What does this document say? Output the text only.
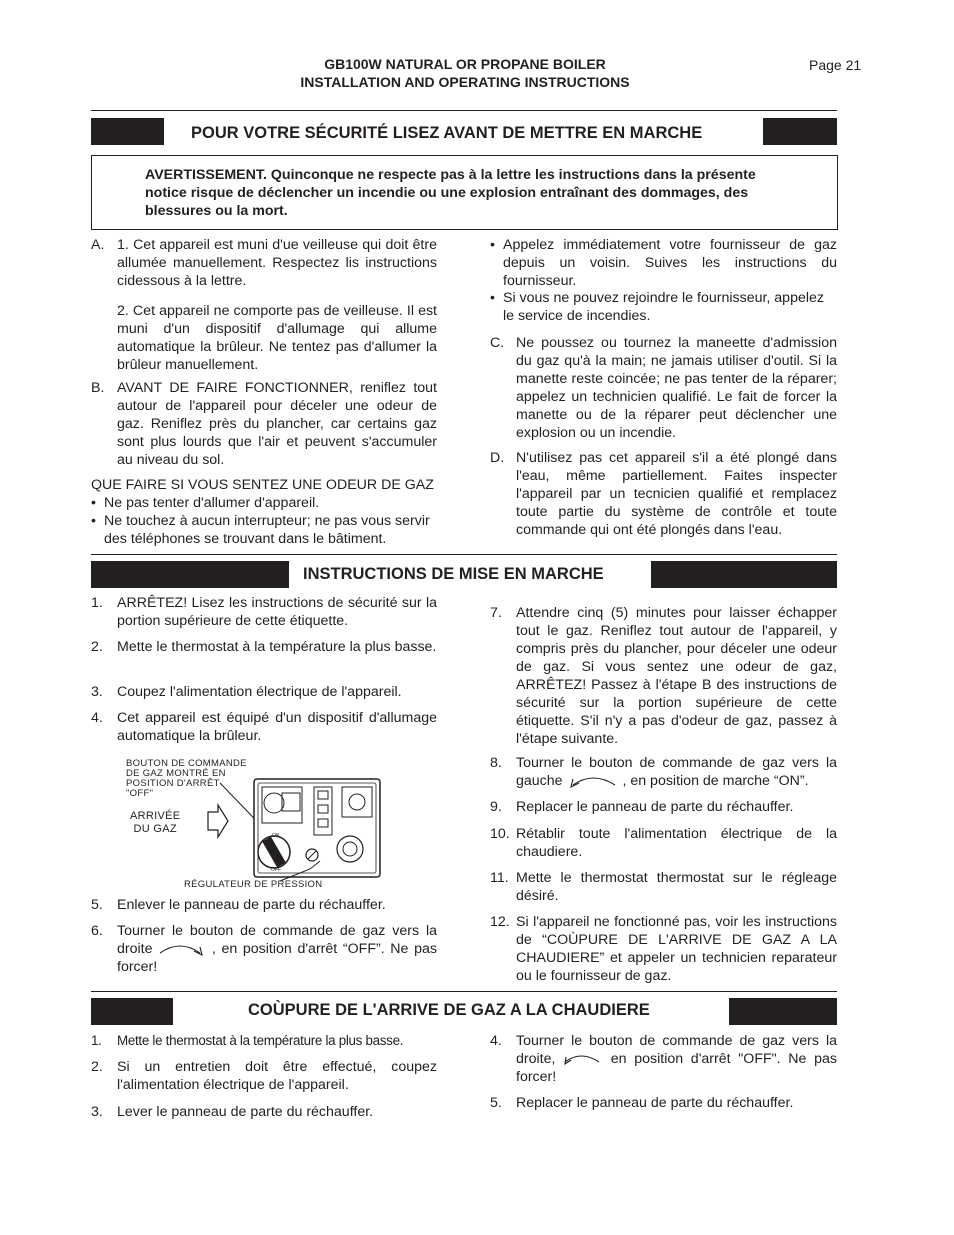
GB100W NATURAL OR PROPANE BOILER
INSTALLATION AND OPERATING INSTRUCTIONS
Page 21
POUR VOTRE SÉCURITÉ LISEZ AVANT DE METTRE EN MARCHE
AVERTISSEMENT. Quinconque ne respecte pas à la lettre les instructions dans la présente notice risque de déclencher un incendie ou une explosion entraînant des dommages, des blessures ou la mort.
A. 1. Cet appareil est muni d'ue veilleuse qui doit être allumée manuellement. Respectez lis instructions cidessous à la lettre.
2. Cet appareil ne comporte pas de veilleuse. Il est muni d'un dispositif d'allumage qui allume automatique la brûleur. Ne tentez pas d'allumer la brûleur manuellement.
B. AVANT DE FAIRE FONCTIONNER, reniflez tout autour de l'appareil pour déceler une odeur de gaz. Reniflez près du plancher, car certains gaz sont plus lourds que l'air et peuvent s'accumuler au niveau du sol.
QUE FAIRE SI VOUS SENTEZ UNE ODEUR DE GAZ
• Ne pas tenter d'allumer d'appareil.
• Ne touchez à aucun interrupteur; ne pas vous servir des téléphones se trouvant dans le bâtiment.
• Appelez immédiatement votre fournisseur de gaz depuis un voisin. Suives les instructions du fournisseur.
• Si vous ne pouvez rejoindre le fournisseur, appelez le service de incendies.
C. Ne poussez ou tournez la maneette d'admission du gaz qu'à la main; ne jamais utiliser d'outil. Si la manette reste coincée; ne pas tenter de la réparer; appelez un technicien qualifié. Le fait de forcer la manette ou de la réparer peut déclencher une explosion ou un incendie.
D. N'utilisez pas cet appareil s'il a été plongé dans l'eau, même partiellement. Faites inspecter l'appareil par un tecnicien qualifié et remplacez toute partie du système de contrôle et toute commande qui ont été plongés dans l'eau.
INSTRUCTIONS DE MISE EN MARCHE
1. ARRÊTEZ! Lisez les instructions de sécurité sur la portion supérieure de cette étiquette.
2. Mette le thermostat à la température la plus basse.
3. Coupez l'alimentation électrique de l'appareil.
4. Cet appareil est équipé d'un dispositif d'allumage automatique la brûleur.
BOUTON DE COMMANDE
DE GAZ MONTRÉ EN
POSITION D'ARRÊT
"OFF"
ARRIVÉE
DU GAZ
RÉGULATEUR DE PRESSION
ON
OFF
5. Enlever le panneau de parte du réchauffer.
6. Tourner le bouton de commande de gaz vers la droite	, en position d'arrêt “OFF”. Ne pas forcer!
7. Attendre cinq (5) minutes pour laisser échapper tout le gaz. Reniflez tout autour de l'appareil, y compris près du plancher, pour déceler une odeur de gaz. Si vous sentez une odeur de gaz, ARRÊTEZ! Passez à l'étape B des instructions de sécurité sur la portion supérieure de cette étiquette. S'il n'y a pas d'odeur de gaz, passez à l'étape suivante.
8. Tourner le bouton de commande de gaz vers la gauche	, en position de marche “ON”.
9. Replacer le panneau de parte du réchauffer.
10. Rétablir toute l'alimentation électrique de la chaudiere.
11. Mette le thermostat thermostat sur le régleage désiré.
12. Si l'appareil ne fonctionné pas, voir les instructions de “COÙPURE DE L'ARRIVE DE GAZ A LA CHAUDIERE” et appeler un technicien reparateur ou le fournisseur de gaz.
COÙPURE DE L'ARRIVE DE GAZ A LA CHAUDIERE
1. Mette le thermostat à la température la plus basse.
2. Si un entretien doit être effectué, coupez l'alimentation électrique de l'appareil.
3. Lever le panneau de parte du réchauffer.
4. Tourner le bouton de commande de gaz vers la droite,	en position d'arrêt "OFF". Ne pas forcer!
5. Replacer le panneau de parte du réchauffer.
